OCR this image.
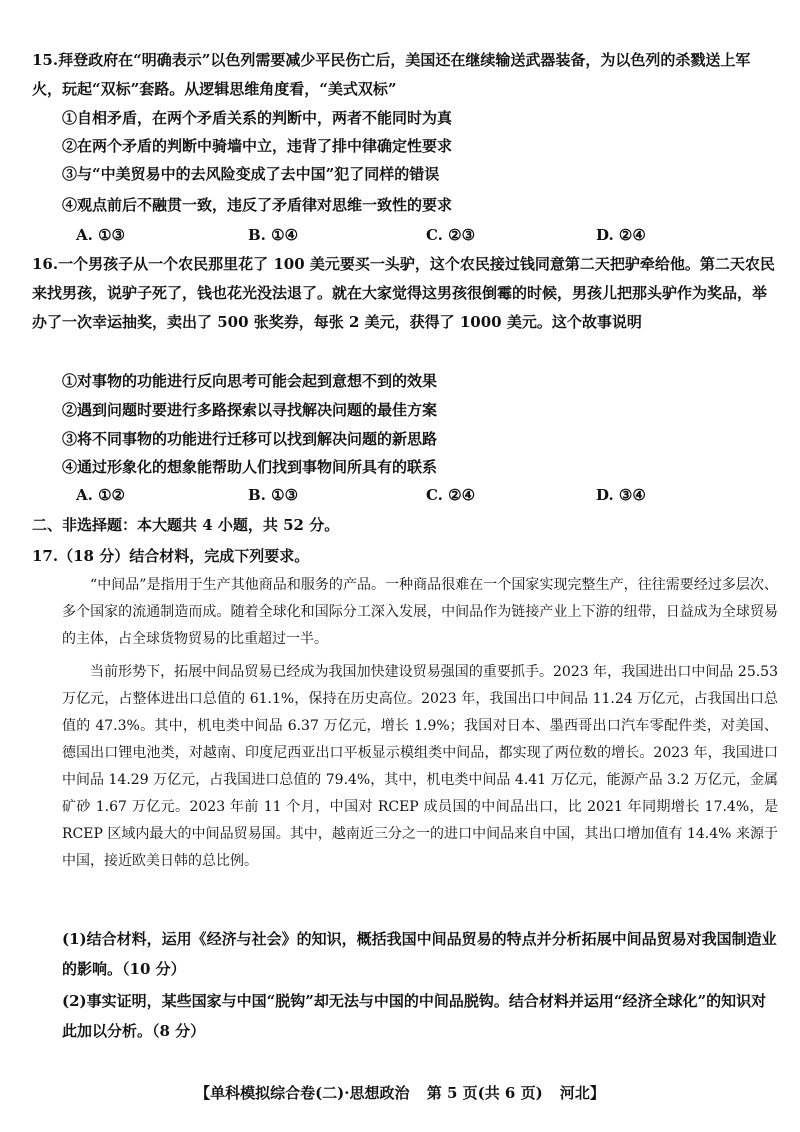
15.拜登政府在“明确表示”以色列需要减少平民伤亡后，美国还在继续输送武器装备，为以色列的杀戮送上军火，玩起“双标”套路。从逻辑思维角度看，“美式双标”
①自相矛盾，在两个矛盾关系的判断中，两者不能同时为真
②在两个矛盾的判断中骑墙中立，违背了排中律确定性要求
③与“中美贸易中的去风险变成了去中国”犯了同样的错误
④观点前后不融贯一致，违反了矛盾律对思维一致性的要求
A. ①③	B. ①④	C. ②③	D. ②④
16.一个男孩子从一个农民那里花了 100 美元要买一头驴，这个农民接过钱同意第二天把驴牵给他。第二天农民来找男孩，说驴子死了，钱也花光没法退了。就在大家觉得这男孩很倒霉的时候，男孩儿把那头驴作为奖品，举办了一次幸运抽奖，卖出了 500 张奖券，每张 2 美元，获得了 1000 美元。这个故事说明
①对事物的功能进行反向思考可能会起到意想不到的效果
②遇到问题时要进行多路探索以寻找解决问题的最佳方案
③将不同事物的功能进行迁移可以找到解决问题的新思路
④通过形象化的想象能帮助人们找到事物间所具有的联系
A. ①②	B. ①③	C. ②④	D. ③④
二、非选择题：本大题共 4 小题，共 52 分。
17.（18 分）结合材料，完成下列要求。
“中间品”是指用于生产其他商品和服务的产品。一种商品很难在一个国家实现完整生产，往往需要经过多层次、多个国家的流通制造而成。随着全球化和国际分工深入发展，中间品作为链接产业上下游的纽带，日益成为全球贸易的主体，占全球货物贸易的比重超过一半。
当前形势下，拓展中间品贸易已经成为我国加快建设贸易强国的重要抓手。2023 年，我国进出口中间品 25.53 万亿元，占整体进出口总值的 61.1%，保持在历史高位。2023 年，我国出口中间品 11.24 万亿元，占我国出口总值的 47.3%。其中，机电类中间品 6.37 万亿元，增长 1.9%；我国对日本、墨西哥出口汽车零配件类，对美国、德国出口锂电池类，对越南、印度尼西亚出口平板显示模组类中间品，都实现了两位数的增长。2023 年，我国进口中间品 14.29 万亿元，占我国进口总值的 79.4%，其中，机电类中间品 4.41 万亿元，能源产品 3.2 万亿元，金属矿砂 1.67 万亿元。2023 年前 11 个月，中国对 RCEP 成员国的中间品出口，比 2021 年同期增长 17.4%，是 RCEP 区域内最大的中间品贸易国。其中，越南近三分之一的进口中间品来自中国，其出口增加值有 14.4% 来源于中国，接近欧美日韩的总比例。
(1)结合材料，运用《经济与社会》的知识，概括我国中间品贸易的特点并分析拓展中间品贸易对我国制造业的影响。（10 分）
(2)事实证明，某些国家与中国“脱钩”却无法与中国的中间品脱钩。结合材料并运用“经济全球化”的知识对此加以分析。（8 分）
【单科模拟综合卷(二)·思想政治 第 5 页(共 6 页) 河北】
